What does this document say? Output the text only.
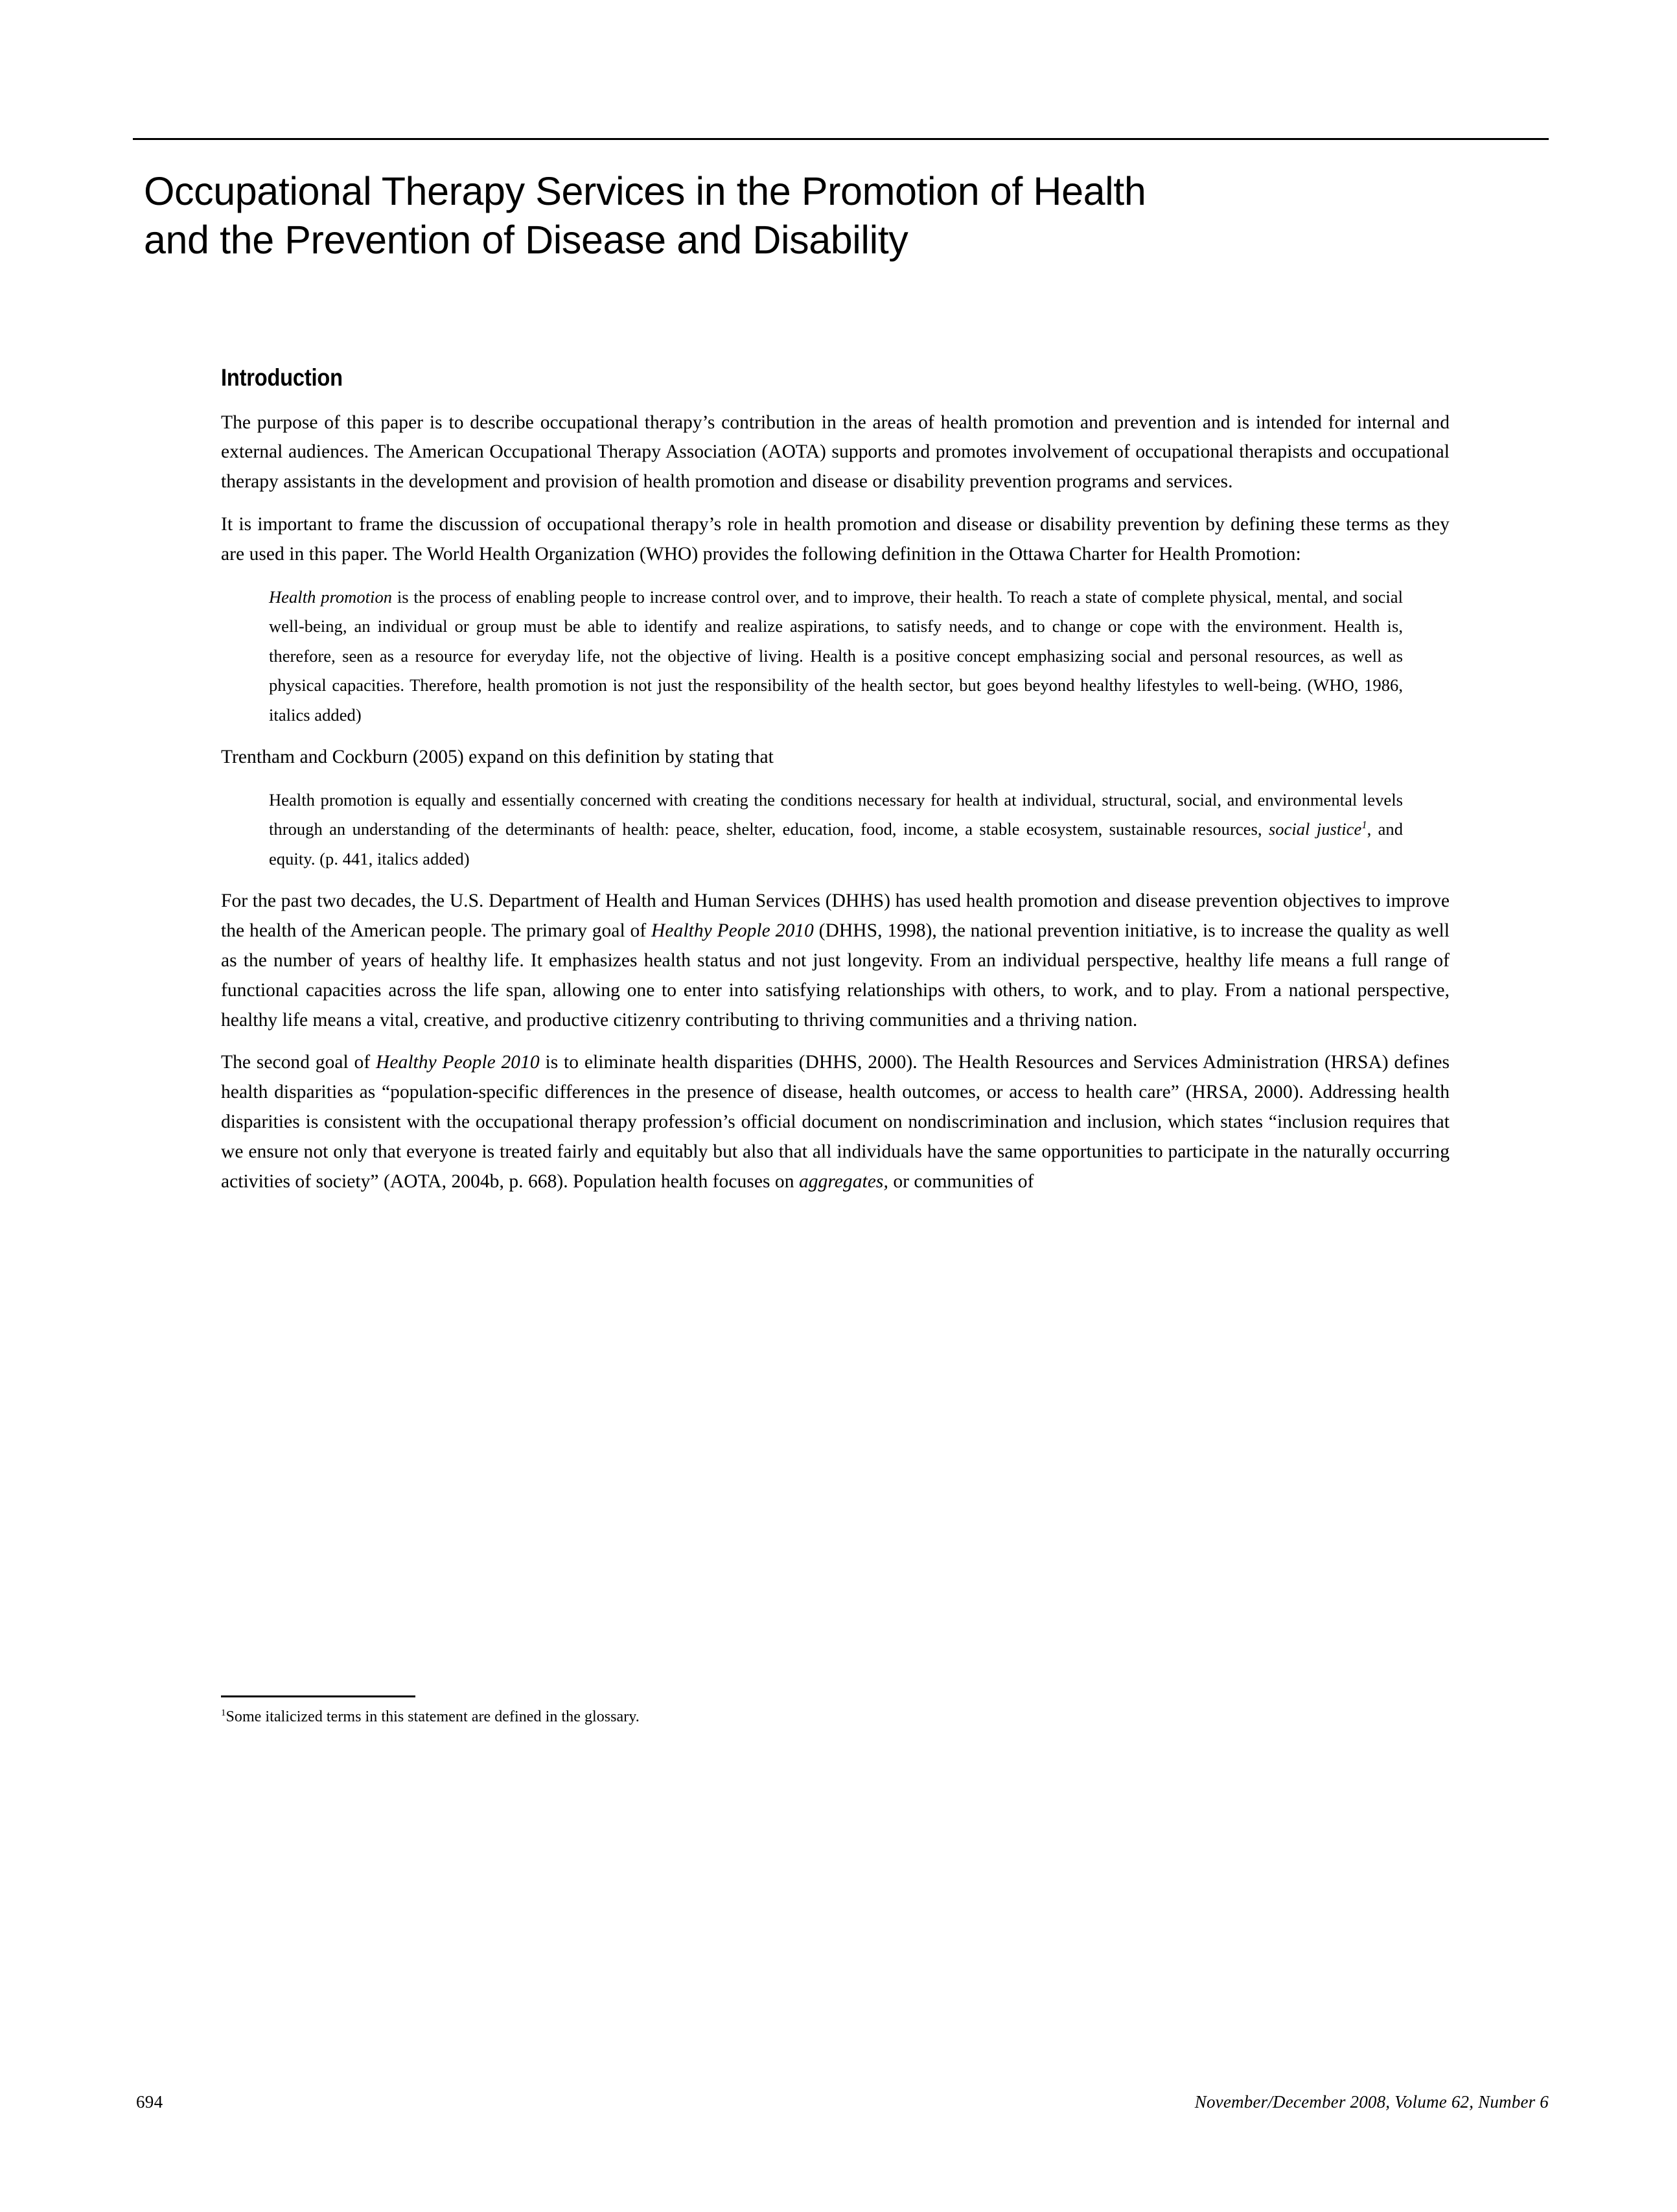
Occupational Therapy Services in the Promotion of Health
and the Prevention of Disease and Disability
Introduction

The purpose of this paper is to describe occupational therapy’s contribution in the areas of health promotion and prevention and is intended for internal and external audiences. The American Occupational Therapy Association (AOTA) supports and promotes involvement of occupational therapists and occupational therapy assistants in the development and provision of health promotion and disease or disability prevention programs and services.

It is important to frame the discussion of occupational therapy’s role in health promotion and disease or disability prevention by defining these terms as they are used in this paper. The World Health Organization (WHO) provides the following definition in the Ottawa Charter for Health Promotion:

Health promotion is the process of enabling people to increase control over, and to improve, their health. To reach a state of complete physical, mental, and social well-being, an individual or group must be able to identify and realize aspirations, to satisfy needs, and to change or cope with the environment. Health is, therefore, seen as a resource for everyday life, not the objective of living. Health is a positive concept emphasizing social and personal resources, as well as physical capacities. Therefore, health promotion is not just the responsibility of the health sector, but goes beyond healthy lifestyles to well-being. (WHO, 1986, italics added)

Trentham and Cockburn (2005) expand on this definition by stating that

Health promotion is equally and essentially concerned with creating the conditions necessary for health at individual, structural, social, and environmental levels through an understanding of the determinants of health: peace, shelter, education, food, income, a stable ecosystem, sustainable resources, social justice$^1$, and equity. (p. 441, italics added)

For the past two decades, the U.S. Department of Health and Human Services (DHHS) has used health promotion and disease prevention objectives to improve the health of the American people. The primary goal of Healthy People 2010 (DHHS, 1998), the national prevention initiative, is to increase the quality as well as the number of years of healthy life. It emphasizes health status and not just longevity. From an individual perspective, healthy life means a full range of functional capacities across the life span, allowing one to enter into satisfying relationships with others, to work, and to play. From a national perspective, healthy life means a vital, creative, and productive citizenry contributing to thriving communities and a thriving nation.

The second goal of Healthy People 2010 is to eliminate health disparities (DHHS, 2000). The Health Resources and Services Administration (HRSA) defines health disparities as “population-specific differences in the presence of disease, health outcomes, or access to health care” (HRSA, 2000). Addressing health disparities is consistent with the occupational therapy profession’s official document on nondiscrimination and inclusion, which states “inclusion requires that we ensure not only that everyone is treated fairly and equitably but also that all individuals have the same opportunities to participate in the naturally occurring activities of society” (AOTA, 2004b, p. 668). Population health focuses on aggregates, or communities of

$^1$Some italicized terms in this statement are defined in the glossary.

694	November/December 2008, Volume 62, Number 6
